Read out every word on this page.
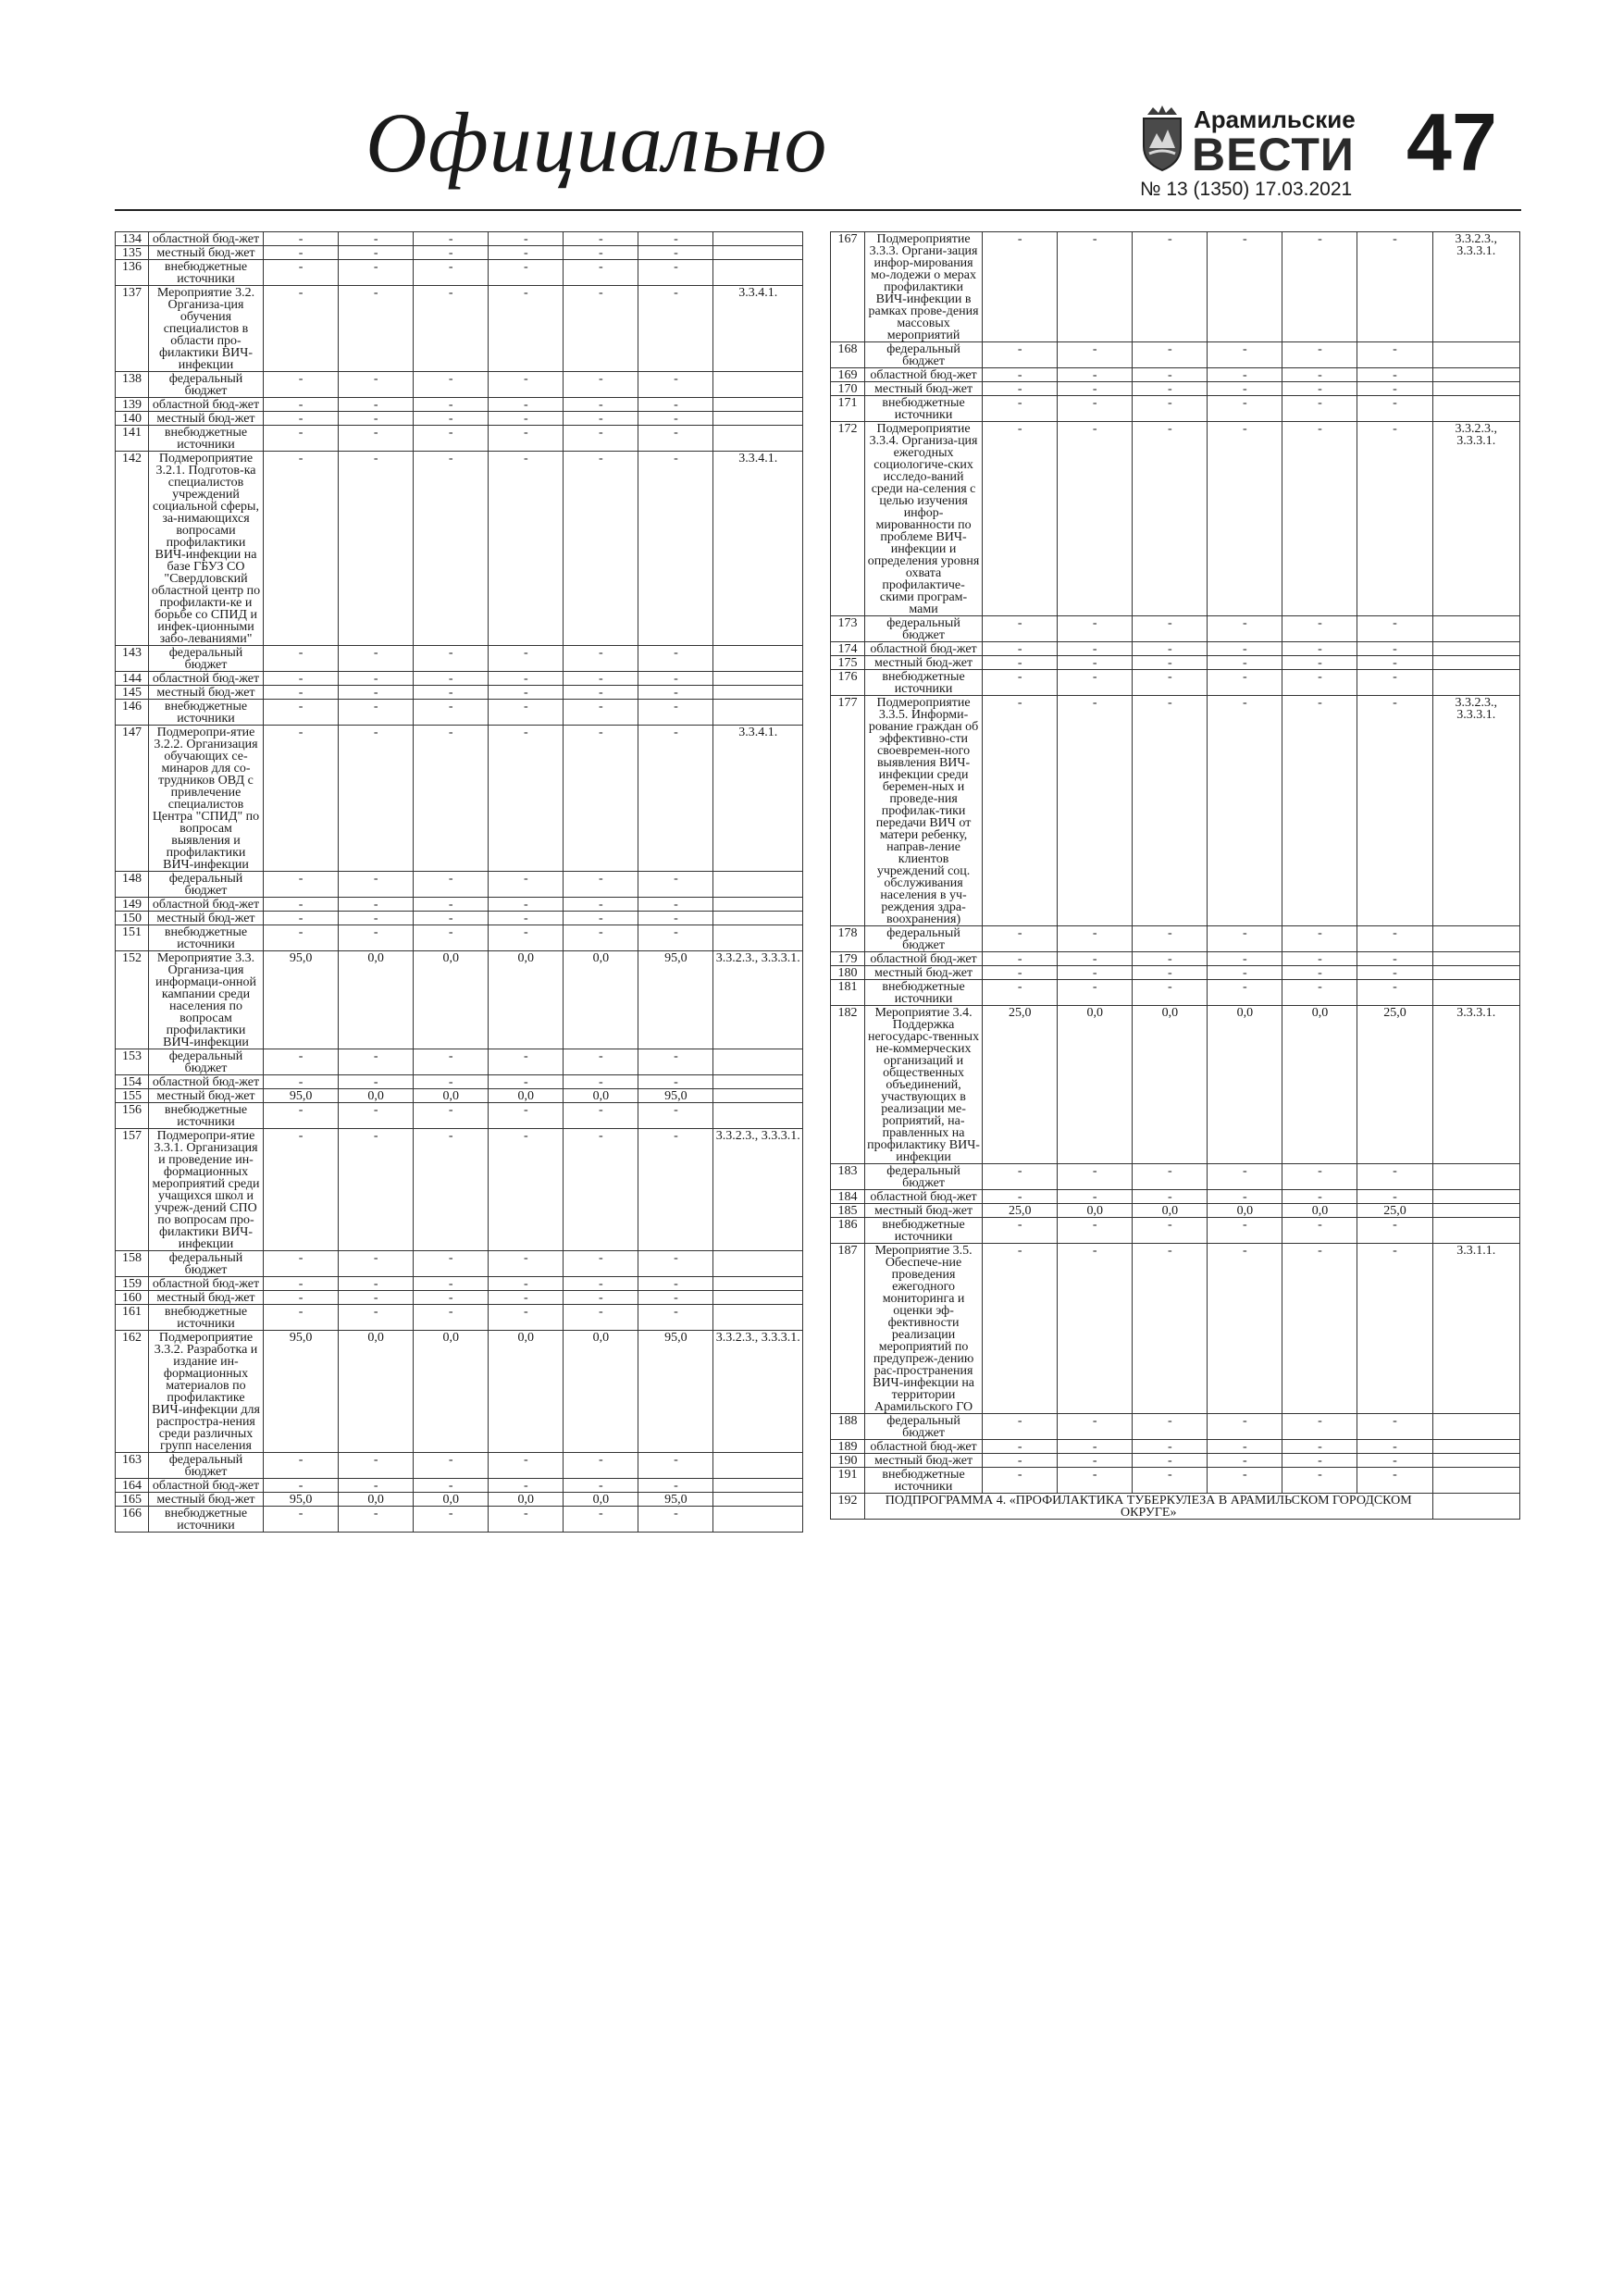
Официально	Арамильские
ВЕСТИ
№ 13 (1350) 17.03.2021
47
134	областной бюд-жет	-	-	-	-	-	-	
135	местный бюд-жет	-	-	-	-	-	-	
136	внебюджетные источники	-	-	-	-	-	-	
137	Мероприятие 3.2. Организа-ция обучения специалистов в области про-филактики ВИЧ-инфекции	-	-	-	-	-	-	3.3.4.1.
138	федеральный бюджет	-	-	-	-	-	-	
139	областной бюд-жет	-	-	-	-	-	-	
140	местный бюд-жет	-	-	-	-	-	-	
141	внебюджетные источники	-	-	-	-	-	-	
142	Подмероприятие 3.2.1. Подготов-ка специалистов учреждений социальной сферы, за-нимающихся вопросами профилактики ВИЧ-инфекции на базе ГБУЗ СО "Свердловский областной центр по профилакти-ке и борьбе со СПИД и инфек-ционными забо-леваниями"	-	-	-	-	-	-	3.3.4.1.
143	федеральный бюджет	-	-	-	-	-	-	
144	областной бюд-жет	-	-	-	-	-	-	
145	местный бюд-жет	-	-	-	-	-	-	
146	внебюджетные источники	-	-	-	-	-	-	
147	Подмеропри-ятие 3.2.2. Организация обучающих се-минаров для со-трудников ОВД с привлечение специалистов Центра "СПИД" по вопросам выявления и профилактики ВИЧ-инфекции	-	-	-	-	-	-	3.3.4.1.
148	федеральный бюджет	-	-	-	-	-	-	
149	областной бюд-жет	-	-	-	-	-	-	
150	местный бюд-жет	-	-	-	-	-	-	
151	внебюджетные источники	-	-	-	-	-	-	
152	Мероприятие 3.3. Организа-ция информаци-онной кампании среди населения по вопросам профилактики ВИЧ-инфекции	95,0	0,0	0,0	0,0	0,0	95,0	3.3.2.3., 3.3.3.1.
153	федеральный бюджет	-	-	-	-	-	-	
154	областной бюд-жет	-	-	-	-	-	-	
155	местный бюд-жет	95,0	0,0	0,0	0,0	0,0	95,0	
156	внебюджетные источники	-	-	-	-	-	-	
157	Подмеропри-ятие 3.3.1. Организация и проведение ин-формационных мероприятий среди учащихся школ и учреж-дений СПО по вопросам про-филактики ВИЧ-инфекции	-	-	-	-	-	-	3.3.2.3., 3.3.3.1.
158	федеральный бюджет	-	-	-	-	-	-	
159	областной бюд-жет	-	-	-	-	-	-	
160	местный бюд-жет	-	-	-	-	-	-	
161	внебюджетные источники	-	-	-	-	-	-	
162	Подмероприятие 3.3.2. Разработка и издание ин-формационных материалов по профилактике ВИЧ-инфекции для распростра-нения среди различных групп населения	95,0	0,0	0,0	0,0	0,0	95,0	3.3.2.3., 3.3.3.1.
163	федеральный бюджет	-	-	-	-	-	-	
164	областной бюд-жет	-	-	-	-	-	-	
165	местный бюд-жет	95,0	0,0	0,0	0,0	0,0	95,0	
166	внебюджетные источники	-	-	-	-	-	-	
167	Подмероприятие 3.3.3. Органи-зация инфор-мирования мо-лодежи о мерах профилактики ВИЧ-инфекции в рамках прове-дения массовых мероприятий	-	-	-	-	-	-	3.3.2.3., 3.3.3.1.
168	федеральный бюджет	-	-	-	-	-	-	
169	областной бюд-жет	-	-	-	-	-	-	
170	местный бюд-жет	-	-	-	-	-	-	
171	внебюджетные источники	-	-	-	-	-	-	
172	Подмероприятие 3.3.4. Организа-ция ежегодных социологиче-ских исследо-ваний среди на-селения с целью изучения инфор-мированности по проблеме ВИЧ-инфекции и определения уровня охвата профилактиче-скими програм-мами	-	-	-	-	-	-	3.3.2.3., 3.3.3.1.
173	федеральный бюджет	-	-	-	-	-	-	
174	областной бюд-жет	-	-	-	-	-	-	
175	местный бюд-жет	-	-	-	-	-	-	
176	внебюджетные источники	-	-	-	-	-	-	
177	Подмероприятие 3.3.5. Информи-рование граждан об эффективно-сти своевремен-ного выявления ВИЧ-инфекции среди беремен-ных и проведе-ния профилак-тики передачи ВИЧ от матери ребенку, направ-ление клиентов учреждений соц. обслуживания населения в уч-реждения здра-воохранения)	-	-	-	-	-	-	3.3.2.3., 3.3.3.1.
178	федеральный бюджет	-	-	-	-	-	-	
179	областной бюд-жет	-	-	-	-	-	-	
180	местный бюд-жет	-	-	-	-	-	-	
181	внебюджетные источники	-	-	-	-	-	-	
182	Мероприятие 3.4. Поддержка негосударс-твенных не-коммерческих организаций и общественных объединений, участвующих в реализации ме-роприятий, на-правленных на профилактику ВИЧ-инфекции	25,0	0,0	0,0	0,0	0,0	25,0	3.3.3.1.
183	федеральный бюджет	-	-	-	-	-	-	
184	областной бюд-жет	-	-	-	-	-	-	
185	местный бюд-жет	25,0	0,0	0,0	0,0	0,0	25,0	
186	внебюджетные источники	-	-	-	-	-	-	
187	Мероприятие 3.5. Обеспече-ние проведения ежегодного мониторинга и оценки эф-фективности реализации мероприятий по предупреж-дению рас-пространения ВИЧ-инфекции на территории Арамильского ГО	-	-	-	-	-	-	3.3.1.1.
188	федеральный бюджет	-	-	-	-	-	-	
189	областной бюд-жет	-	-	-	-	-	-	
190	местный бюд-жет	-	-	-	-	-	-	
191	внебюджетные источники	-	-	-	-	-	-	
192	ПОДПРОГРАММА 4. «ПРОФИЛАКТИКА ТУБЕРКУЛЕЗА В АРАМИЛЬСКОМ ГОРОДСКОМ ОКРУГЕ»							
